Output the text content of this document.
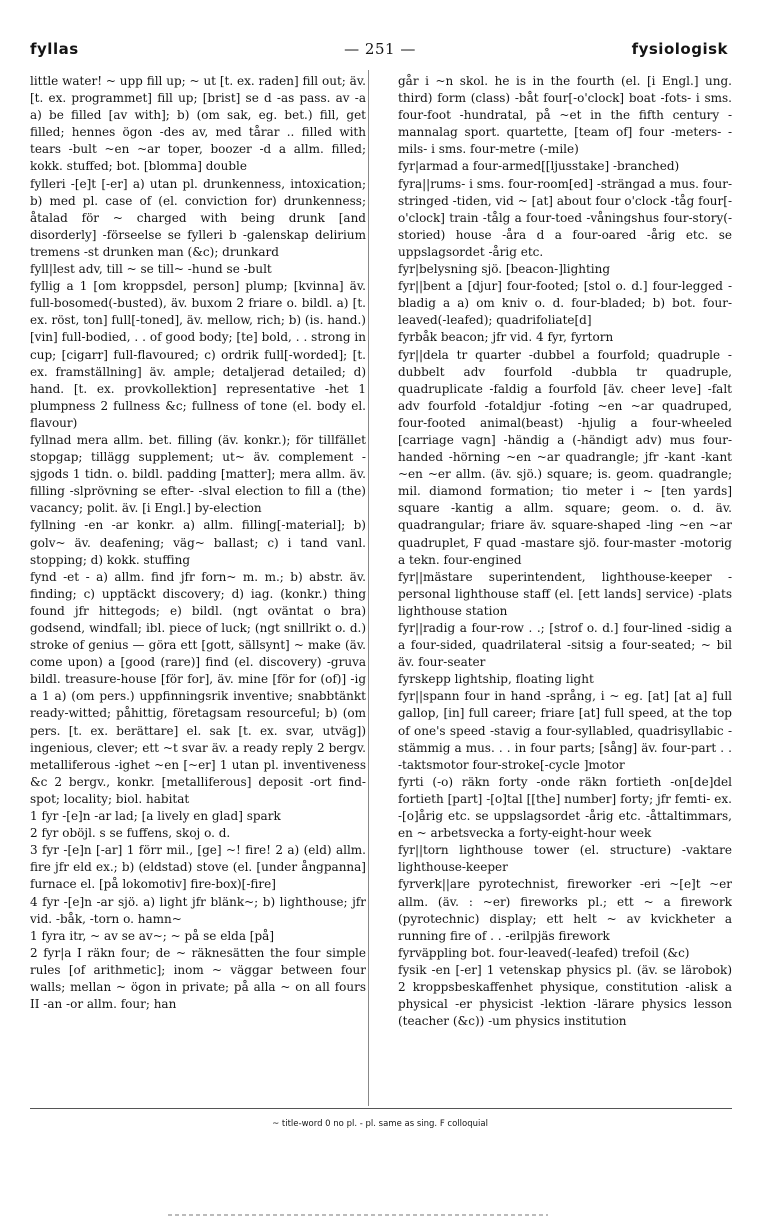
fyllas	— 251 —	fysiologisk

little water! ~ upp fill up; ~ ut [t. ex. raden] fill out; äv. [t. ex. programmet] fill up; [brist] se d -as pass. av -a a) be filled [av with]; b) (om sak, eg. bet.) fill, get filled; hennes ögon -des av, med tårar .. filled with tears -bult ~en ~ar toper, boozer -d a allm. filled; kokk. stuffed; bot. [blomma] double

fylleri -[e]t [-er] a) utan pl. drunkenness, intoxication; b) med pl. case of (el. conviction for) drunkenness; åtalad för ~ charged with being drunk [and disorderly] -förseelse se fylleri b -galenskap delirium tremens -st drunken man (&c); drunkard

fyll|lest adv, till ~ se till~ -hund se -bult

fyllig a 1 [om kroppsdel, person] plump; [kvinna] äv. full-bosomed(-busted), äv. buxom 2 friare o. bildl. a) [t. ex. röst, ton] full[-toned], äv. mellow, rich; b) (is. hand.) [vin] full-bodied, . . of good body; [te] bold, . . strong in cup; [cigarr] full-flavoured; c) ordrik full[-worded]; [t. ex. framställning] äv. ample; detaljerad detailed; d) hand. [t. ex. provkollektion] representative -het 1 plumpness 2 fullness &c; fullness of tone (el. body el. flavour)

fyllnad mera allm. bet. filling (äv. konkr.); för tillfället stopgap; tillägg supplement; ut~ äv. complement -sjgods 1 tidn. o. bildl. padding [matter]; mera allm. äv. filling -slprövning se efter- -slval election to fill a (the) vacancy; polit. äv. [i Engl.] by-election

fyllning -en -ar konkr. a) allm. filling[-material]; b) golv~ äv. deafening; väg~ ballast; c) i tand vanl. stopping; d) kokk. stuffing

fynd -et - a) allm. find jfr forn~ m. m.; b) abstr. äv. finding; c) upptäckt discovery; d) iag. (konkr.) thing found jfr hittegods; e) bildl. (ngt oväntat o bra) godsend, windfall; ibl. piece of luck; (ngt snillrikt o. d.) stroke of genius — göra ett [gott, sällsynt] ~ make (äv. come upon) a [good (rare)] find (el. discovery) -gruva bildl. treasure-house [för for], äv. mine [för for (of)] -ig a 1 a) (om pers.) uppfinningsrik inventive; snabbtänkt ready-witted; påhittig, företagsam resourceful; b) (om pers. [t. ex. berättare] el. sak [t. ex. svar, utväg]) ingenious, clever; ett ~t svar äv. a ready reply 2 bergv. metalliferous -ighet ~en [~er] 1 utan pl. inventiveness &c 2 bergv., konkr. [metalliferous] deposit -ort find-spot; locality; biol. habitat

1 fyr -[e]n -ar lad; [a lively en glad] spark

2 fyr oböjl. s se fuffens, skoj o. d.

3 fyr -[e]n [-ar] 1 förr mil., [ge] ~! fire! 2 a) (eld) allm. fire jfr eld ex.; b) (eldstad) stove (el. [under ångpanna] furnace el. [på lokomotiv] fire-box)[-fire]

4 fyr -[e]n -ar sjö. a) light jfr blänk~; b) lighthouse; jfr vid. -båk, -torn o. hamn~

1 fyra itr, ~ av se av~; ~ på se elda [på]

2 fyr|a I räkn four; de ~ räknesätten the four simple rules [of arithmetic]; inom ~ väggar between four walls; mellan ~ ögon in private; på alla ~ on all fours II -an -or allm. four; han

går i ~n skol. he is in the fourth (el. [i Engl.] ung. third) form (class) -båt four[-o'clock] boat -fots- i sms. four-foot -hundratal, på ~et in the fifth century -mannalag sport. quartette, [team of] four -meters- -mils- i sms. four-metre (-mile)

fyr|armad a four-armed[[ljusstake] -branched)

fyra||rums- i sms. four-room[ed] -strängad a mus. four-stringed -tiden, vid ~ [at] about four o'clock -tåg four[-o'clock] train -tålg a four-toed -våningshus four-story(-storied) house -åra d a four-oared -årig etc. se uppslagsordet -årig etc.

fyr|belysning sjö. [beacon-]lighting

fyr||bent a [djur] four-footed; [stol o. d.] four-legged -bladig a a) om kniv o. d. four-bladed; b) bot. four-leaved(-leafed); quadrifoliate[d]

fyrbåk beacon; jfr vid. 4 fyr, fyrtorn

fyr||dela tr quarter -dubbel a fourfold; quadruple -dubbelt adv fourfold -dubbla tr quadruple, quadruplicate -faldig a fourfold [äv. cheer leve] -falt adv fourfold -fotaldjur -foting ~en ~ar quadruped, four-footed animal(beast) -hjulig a four-wheeled [carriage vagn] -händig a (-händigt adv) mus four-handed -hörning ~en ~ar quadrangle; jfr -kant -kant ~en ~er allm. (äv. sjö.) square; is. geom. quadrangle; mil. diamond formation; tio meter i ~ [ten yards] square -kantig a allm. square; geom. o. d. äv. quadrangular; friare äv. square-shaped -ling ~en ~ar quadruplet, F quad -mastare sjö. four-master -motorig a tekn. four-engined

fyr||mästare superintendent, lighthouse-keeper -personal lighthouse staff (el. [ett lands] service) -plats lighthouse station

fyr||radig a four-row . .; [strof o. d.] four-lined -sidig a a four-sided, quadrilateral -sitsig a four-seated; ~ bil äv. four-seater

fyrskepp lightship, floating light

fyr||spann four in hand -språng, i ~ eg. [at] [at a] full gallop, [in] full career; friare [at] full speed, at the top of one's speed -stavig a four-syllabled, quadrisyllabic -stämmig a mus. . . in four parts; [sång] äv. four-part . . -taktsmotor four-stroke[-cycle ]motor

fyrti (-o) räkn forty -onde räkn fortieth -on[de]del fortieth [part] -[o]tal [[the] number] forty; jfr femti- ex. -[o]årig etc. se uppslagsordet -årig etc. -åttaltimmars, en ~ arbetsvecka a forty-eight-hour week

fyr||torn lighthouse tower (el. structure) -vaktare lighthouse-keeper

fyrverk||are pyrotechnist, fireworker -eri ~[e]t ~er allm. (äv. : ~er) fireworks pl.; ett ~ a firework (pyrotechnic) display; ett helt ~ av kvickheter a running fire of . . -erilpjäs firework

fyrväppling bot. four-leaved(-leafed) trefoil (&c)

fysik -en [-er] 1 vetenskap physics pl. (äv. se lärobok) 2 kroppsbeskaffenhet physique, constitution -alisk a physical -er physicist -lektion -lärare physics lesson (teacher (&c)) -um physics institution

~ title-word 0 no pl. - pl. same as sing. F colloquial
